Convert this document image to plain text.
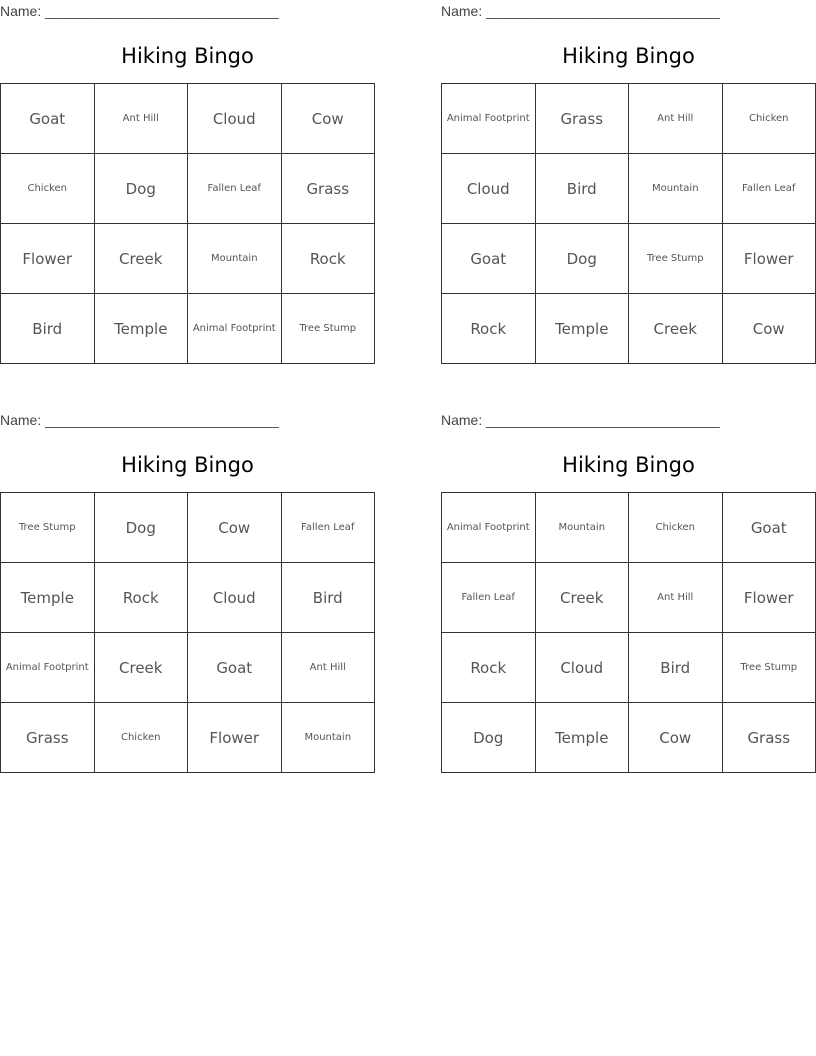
Name: ______________________________
Hiking Bingo
Goat	Ant Hill	Cloud	Cow
Chicken	Dog	Fallen Leaf	Grass
Flower	Creek	Mountain	Rock
Bird	Temple	Animal Footprint	Tree Stump
Name: ______________________________
Hiking Bingo
Animal Footprint	Grass	Ant Hill	Chicken
Cloud	Bird	Mountain	Fallen Leaf
Goat	Dog	Tree Stump	Flower
Rock	Temple	Creek	Cow
Name: ______________________________
Hiking Bingo
Tree Stump	Dog	Cow	Fallen Leaf
Temple	Rock	Cloud	Bird
Animal Footprint	Creek	Goat	Ant Hill
Grass	Chicken	Flower	Mountain
Name: ______________________________
Hiking Bingo
Animal Footprint	Mountain	Chicken	Goat
Fallen Leaf	Creek	Ant Hill	Flower
Rock	Cloud	Bird	Tree Stump
Dog	Temple	Cow	Grass
